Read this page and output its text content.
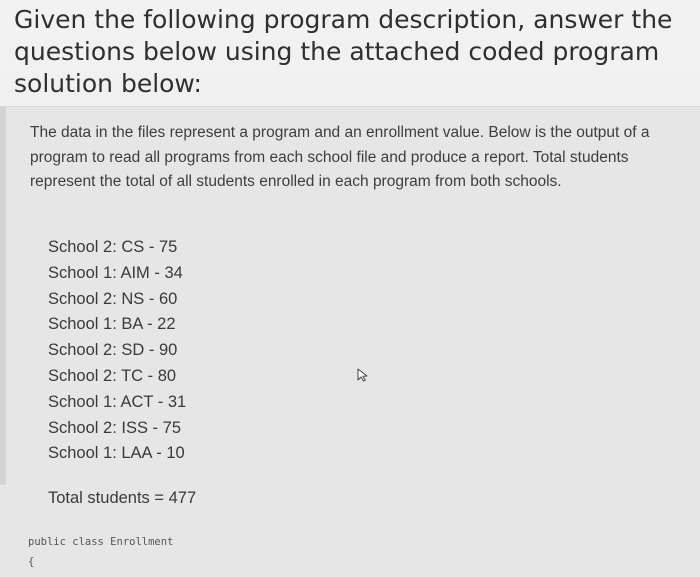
Given the following program description, answer the questions below using the attached coded program solution below:

The data in the files represent a program and an enrollment value. Below is the output of a program to read all programs from each school file and produce a report. Total students represent the total of all students enrolled in each program from both schools.

School 2: CS - 75
School 1: AIM - 34
School 2: NS - 60
School 1: BA - 22
School 2: SD - 90
School 2: TC - 80
School 1: ACT - 31
School 2: ISS - 75
School 1: LAA - 10
Total students = 477
public class Enrollment
{
